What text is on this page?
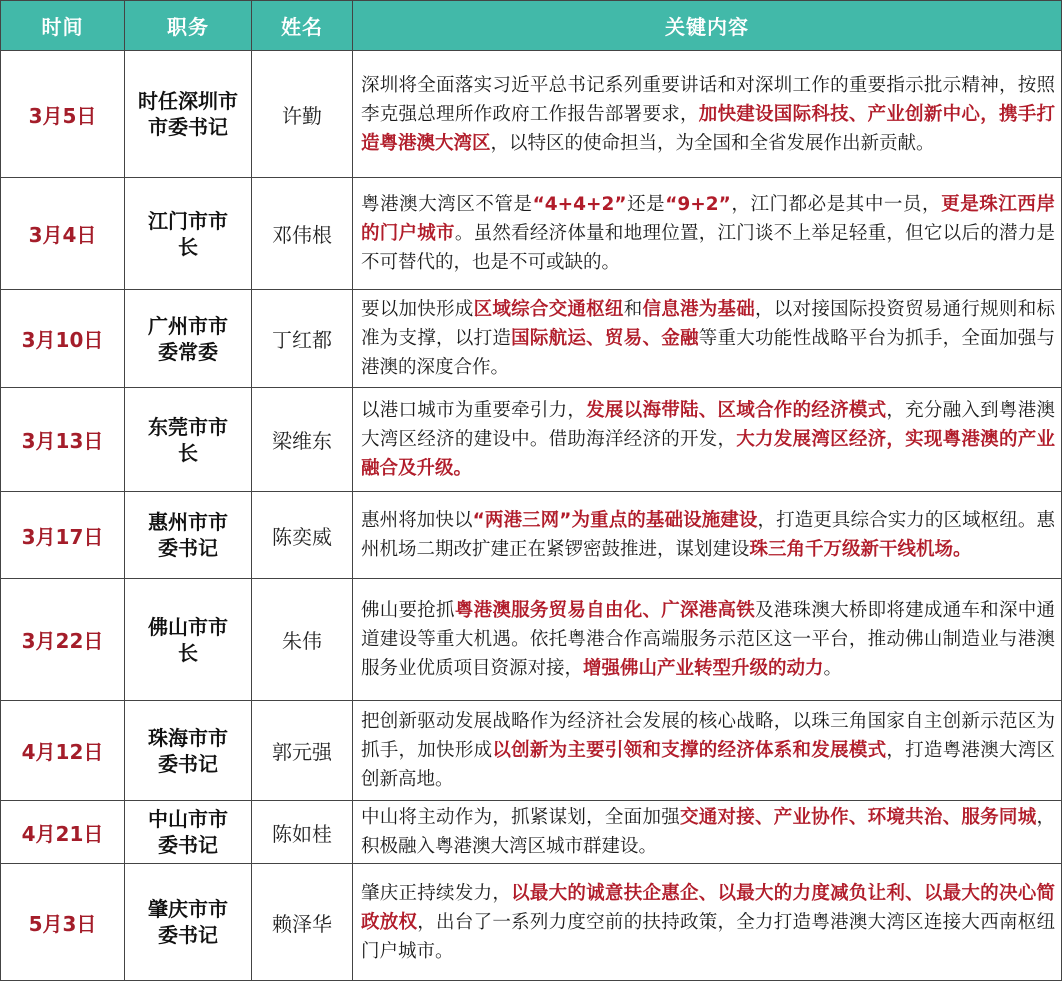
时间	职务	姓名	关键内容
3月5日	时任深圳市市委书记	许勤	深圳将全面落实习近平总书记系列重要讲话和对深圳工作的重要指示批示精神，按照李克强总理所作政府工作报告部署要求，加快建设国际科技、产业创新中心，携手打造粤港澳大湾区，以特区的使命担当，为全国和全省发展作出新贡献。
3月4日	江门市市长	邓伟根	粤港澳大湾区不管是“4+4+2”还是“9+2”，江门都必是其中一员，更是珠江西岸的门户城市。虽然看经济体量和地理位置，江门谈不上举足轻重，但它以后的潜力是不可替代的，也是不可或缺的。
3月10日	广州市市委常委	丁红都	要以加快形成区域综合交通枢纽和信息港为基础，以对接国际投资贸易通行规则和标准为支撑，以打造国际航运、贸易、金融等重大功能性战略平台为抓手，全面加强与港澳的深度合作。
3月13日	东莞市市长	梁维东	以港口城市为重要牵引力，发展以海带陆、区域合作的经济模式，充分融入到粤港澳大湾区经济的建设中。借助海洋经济的开发，大力发展湾区经济，实现粤港澳的产业融合及升级。
3月17日	惠州市市委书记	陈奕威	惠州将加快以“两港三网”为重点的基础设施建设，打造更具综合实力的区域枢纽。惠州机场二期改扩建正在紧锣密鼓推进，谋划建设珠三角千万级新干线机场。
3月22日	佛山市市长	朱伟	佛山要抢抓粤港澳服务贸易自由化、广深港高铁及港珠澳大桥即将建成通车和深中通道建设等重大机遇。依托粤港合作高端服务示范区这一平台，推动佛山制造业与港澳服务业优质项目资源对接，增强佛山产业转型升级的动力。
4月12日	珠海市市委书记	郭元强	把创新驱动发展战略作为经济社会发展的核心战略，以珠三角国家自主创新示范区为抓手，加快形成以创新为主要引领和支撑的经济体系和发展模式，打造粤港澳大湾区创新高地。
4月21日	中山市市委书记	陈如桂	中山将主动作为，抓紧谋划，全面加强交通对接、产业协作、环境共治、服务同城，积极融入粤港澳大湾区城市群建设。
5月3日	肇庆市市委书记	赖泽华	肇庆正持续发力，以最大的诚意扶企惠企、以最大的力度减负让利、以最大的决心简政放权，出台了一系列力度空前的扶持政策，全力打造粤港澳大湾区连接大西南枢纽门户城市。
